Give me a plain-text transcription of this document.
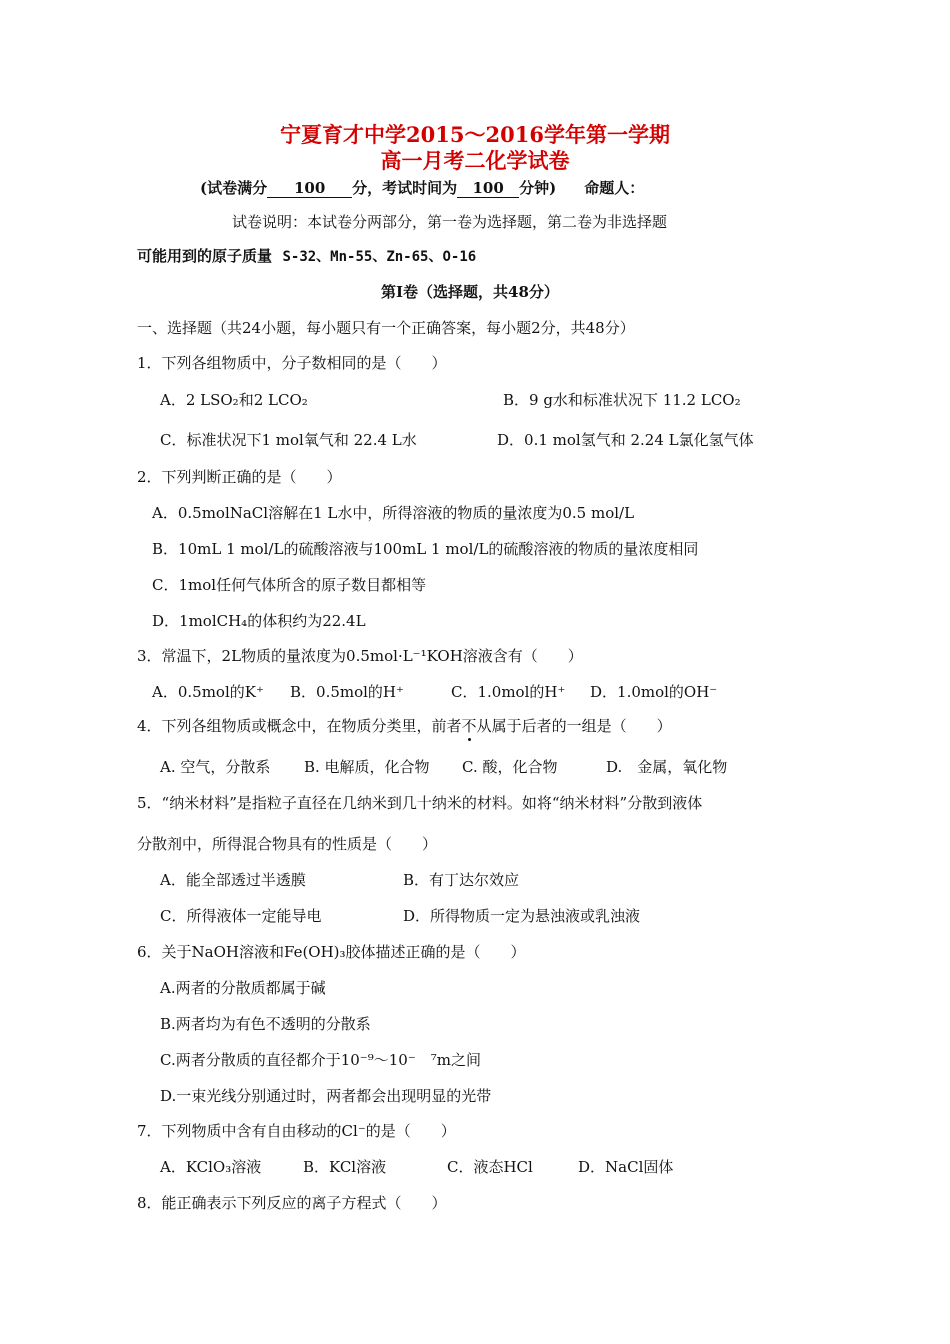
宁夏育才中学2015～2016学年第一学期
高一月考二化学试卷
(试卷满分 100 分，考试时间为 100 分钟) 命题人：
试卷说明：本试卷分两部分，第一卷为选择题，第二卷为非选择题
可能用到的原子质量 S-32、Mn-55、Zn-65、O-16
第I卷（选择题，共48分）
一、选择题（共24小题，每小题只有一个正确答案，每小题2分，共48分）
1．下列各组物质中，分子数相同的是（　　）
A．2 LSO₂和2 LCO₂	B．9 g水和标准状况下 11.2 LCO₂
C．标准状况下1 mol氧气和 22.4 L水	D．0.1 mol氢气和 2.24 L氯化氢气体
2．下列判断正确的是（　　）
A．0.5molNaCl溶解在1 L水中，所得溶液的物质的量浓度为0.5 mol/L
B．10mL 1 mol/L的硫酸溶液与100mL 1 mol/L的硫酸溶液的物质的量浓度相同
C．1mol任何气体所含的原子数目都相等
D．1molCH₄的体积约为22.4L
3．常温下，2L物质的量浓度为0.5mol·L⁻¹KOH溶液含有（　　）
A．0.5mol的K⁺ B．0.5mol的H⁺	C．1.0mol的H⁺ D．1.0mol的OH⁻
4．下列各组物质或概念中，在物质分类里，前者不从属于后者的一组是（　　）
A. 空气，分散系 B. 电解质，化合物 C. 酸，化合物	D.　金属，氧化物
5．“纳米材料”是指粒子直径在几纳米到几十纳米的材料。如将“纳米材料”分散到液体
分散剂中，所得混合物具有的性质是（　　）
A．能全部透过半透膜	B．有丁达尔效应
C．所得液体一定能导电	D．所得物质一定为悬浊液或乳浊液
6．关于NaOH溶液和Fe(OH)₃胶体描述正确的是（　　）
A.两者的分散质都属于碱
B.两者均为有色不透明的分散系
C.两者分散质的直径都介于10⁻⁹～10⁻　⁷m之间
D.一束光线分别通过时，两者都会出现明显的光带
7．下列物质中含有自由移动的Cl⁻的是（　　）
A．KClO₃溶液	B．KCl溶液	C．液态HCl	D．NaCl固体
8．能正确表示下列反应的离子方程式（　　）
